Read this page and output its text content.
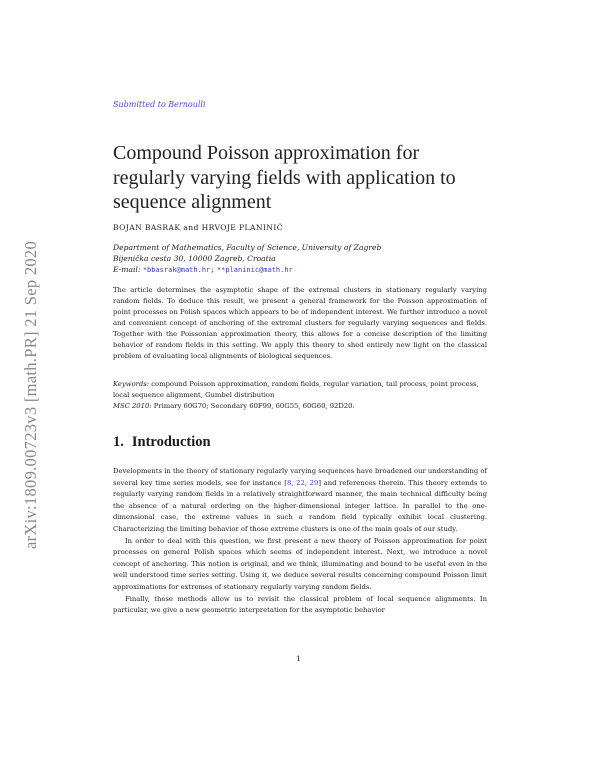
arXiv:1809.00723v3 [math.PR] 21 Sep 2020
Submitted to Bernoulli
Compound Poisson approximation for
regularly varying fields with application to
sequence alignment
BOJAN BASRAK and HRVOJE PLANINIĆ
Department of Mathematics, Faculty of Science, University of Zagreb
Bijenička cesta 30, 10000 Zagreb, Croatia
E-mail: *bbasrak@math.hr; **planinic@math.hr
The article determines the asymptotic shape of the extremal clusters in stationary regularly varying random fields. To deduce this result, we present a general framework for the Poisson approximation of point processes on Polish spaces which appears to be of independent interest. We further introduce a novel and convenient concept of anchoring of the extremal clusters for regularly varying sequences and fields. Together with the Poissonian approximation theory, this allows for a concise description of the limiting behavior of random fields in this setting. We apply this theory to shed entirely new light on the classical problem of evaluating local alignments of biological sequences.
Keywords: compound Poisson approximation, random fields, regular variation, tail process, point process, local sequence alignment, Gumbel distribution
MSC 2010: Primary 60G70; Secondary 60F99, 60G55, 60G60, 92D20.
1. Introduction

Developments in the theory of stationary regularly varying sequences have broadened our understanding of several key time series models, see for instance [8, 22, 29] and references therein. This theory extends to regularly varying random fields in a relatively straightforward manner, the main technical difficulty being the absence of a natural ordering on the higher-dimensional integer lattice. In parallel to the one-dimensional case, the extreme values in such a random field typically exhibit local clustering. Characterizing the limiting behavior of those extreme clusters is one of the main goals of our study.

In order to deal with this question, we first present a new theory of Poisson approximation for point processes on general Polish spaces which seems of independent interest. Next, we introduce a novel concept of anchoring. This notion is original, and we think, illuminating and bound to be useful even in the well understood time series setting. Using it, we deduce several results concerning compound Poisson limit approximations for extremes of stationary regularly varying random fields.

Finally, these methods allow us to revisit the classical problem of local sequence alignments. In particular, we give a new geometric interpretation for the asymptotic behavior

1
